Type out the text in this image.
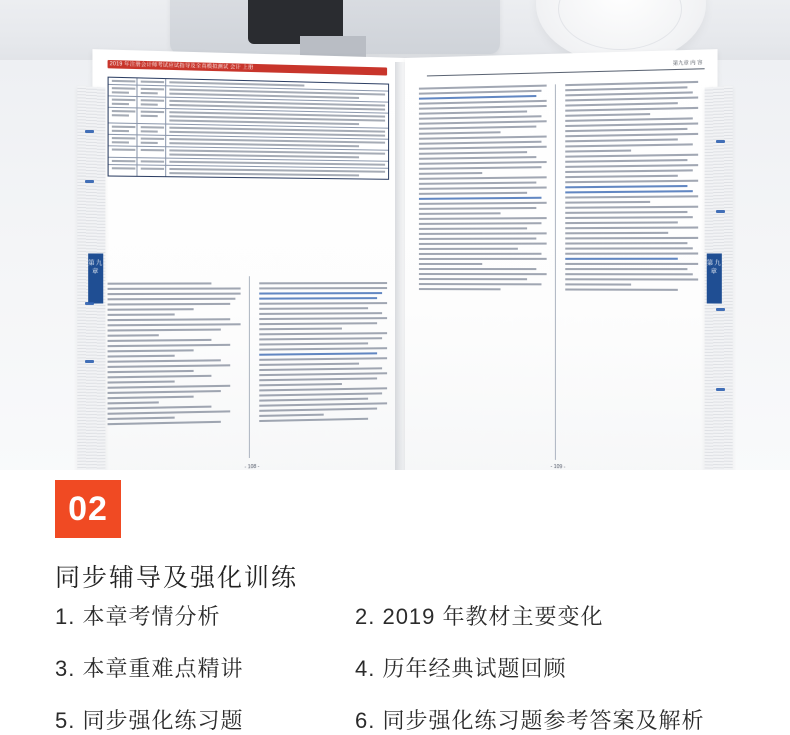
2019 年注册会计师考试应试指导及全真模拟测试 会计 上册
第九章
- 108 -
第九章 内 容
第九章
- 109 -
02
同步辅导及强化训练
1. 本章考情分析	2. 2019 年教材主要变化
3. 本章重难点精讲	4. 历年经典试题回顾
5. 同步强化练习题	6. 同步强化练习题参考答案及解析
